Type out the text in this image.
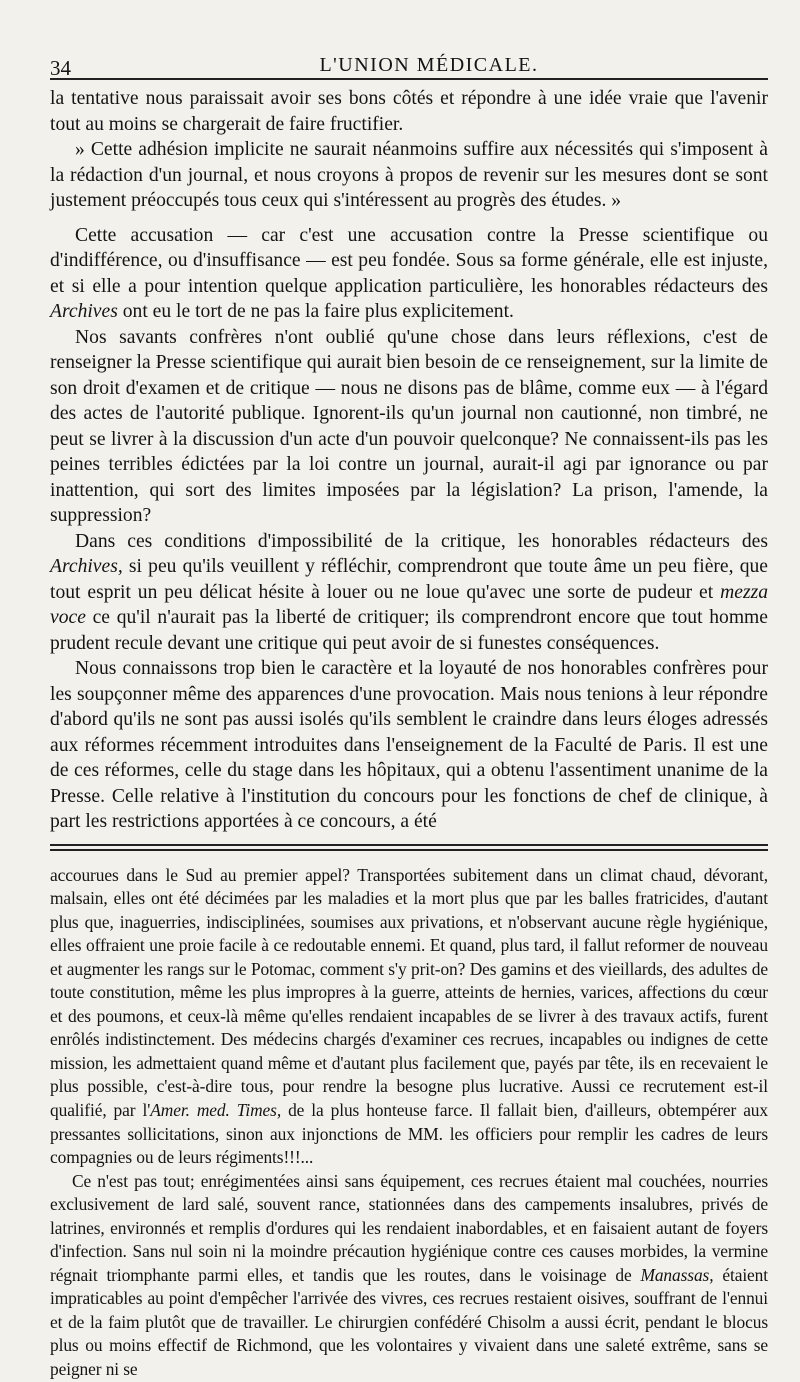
34	L'UNION MÉDICALE.

la tentative nous paraissait avoir ses bons côtés et répondre à une idée vraie que l'avenir tout au moins se chargerait de faire fructifier.

» Cette adhésion implicite ne saurait néanmoins suffire aux nécessités qui s'imposent à la rédaction d'un journal, et nous croyons à propos de revenir sur les mesures dont se sont justement préoccupés tous ceux qui s'intéressent au progrès des études. »

Cette accusation — car c'est une accusation contre la Presse scientifique ou d'indifférence, ou d'insuffisance — est peu fondée. Sous sa forme générale, elle est injuste, et si elle a pour intention quelque application particulière, les honorables rédacteurs des Archives ont eu le tort de ne pas la faire plus explicitement.

Nos savants confrères n'ont oublié qu'une chose dans leurs réflexions, c'est de renseigner la Presse scientifique qui aurait bien besoin de ce renseignement, sur la limite de son droit d'examen et de critique — nous ne disons pas de blâme, comme eux — à l'égard des actes de l'autorité publique. Ignorent-ils qu'un journal non cautionné, non timbré, ne peut se livrer à la discussion d'un acte d'un pouvoir quelconque? Ne connaissent-ils pas les peines terribles édictées par la loi contre un journal, aurait-il agi par ignorance ou par inattention, qui sort des limites imposées par la législation? La prison, l'amende, la suppression?

Dans ces conditions d'impossibilité de la critique, les honorables rédacteurs des Archives, si peu qu'ils veuillent y réfléchir, comprendront que toute âme un peu fière, que tout esprit un peu délicat hésite à louer ou ne loue qu'avec une sorte de pudeur et mezza voce ce qu'il n'aurait pas la liberté de critiquer; ils comprendront encore que tout homme prudent recule devant une critique qui peut avoir de si funestes conséquences.

Nous connaissons trop bien le caractère et la loyauté de nos honorables confrères pour les soupçonner même des apparences d'une provocation. Mais nous tenions à leur répondre d'abord qu'ils ne sont pas aussi isolés qu'ils semblent le craindre dans leurs éloges adressés aux réformes récemment introduites dans l'enseignement de la Faculté de Paris. Il est une de ces réformes, celle du stage dans les hôpitaux, qui a obtenu l'assentiment unanime de la Presse. Celle relative à l'institution du concours pour les fonctions de chef de clinique, à part les restrictions apportées à ce concours, a été

accourues dans le Sud au premier appel? Transportées subitement dans un climat chaud, dévorant, malsain, elles ont été décimées par les maladies et la mort plus que par les balles fratricides, d'autant plus que, inaguerries, indisciplinées, soumises aux privations, et n'observant aucune règle hygiénique, elles offraient une proie facile à ce redoutable ennemi. Et quand, plus tard, il fallut reformer de nouveau et augmenter les rangs sur le Potomac, comment s'y prit-on? Des gamins et des vieillards, des adultes de toute constitution, même les plus impropres à la guerre, atteints de hernies, varices, affections du cœur et des poumons, et ceux-là même qu'elles rendaient incapables de se livrer à des travaux actifs, furent enrôlés indistinctement. Des médecins chargés d'examiner ces recrues, incapables ou indignes de cette mission, les admettaient quand même et d'autant plus facilement que, payés par tête, ils en recevaient le plus possible, c'est-à-dire tous, pour rendre la besogne plus lucrative. Aussi ce recrutement est-il qualifié, par l'Amer. med. Times, de la plus honteuse farce. Il fallait bien, d'ailleurs, obtempérer aux pressantes sollicitations, sinon aux injonctions de MM. les officiers pour remplir les cadres de leurs compagnies ou de leurs régiments!!!...

Ce n'est pas tout; enrégimentées ainsi sans équipement, ces recrues étaient mal couchées, nourries exclusivement de lard salé, souvent rance, stationnées dans des campements insalubres, privés de latrines, environnés et remplis d'ordures qui les rendaient inabordables, et en faisaient autant de foyers d'infection. Sans nul soin ni la moindre précaution hygiénique contre ces causes morbides, la vermine régnait triomphante parmi elles, et tandis que les routes, dans le voisinage de Manassas, étaient impraticables au point d'empêcher l'arrivée des vivres, ces recrues restaient oisives, souffrant de l'ennui et de la faim plutôt que de travailler. Le chirurgien confédéré Chisolm a aussi écrit, pendant le blocus plus ou moins effectif de Richmond, que les volontaires y vivaient dans une saleté extrême, sans se peigner ni se
